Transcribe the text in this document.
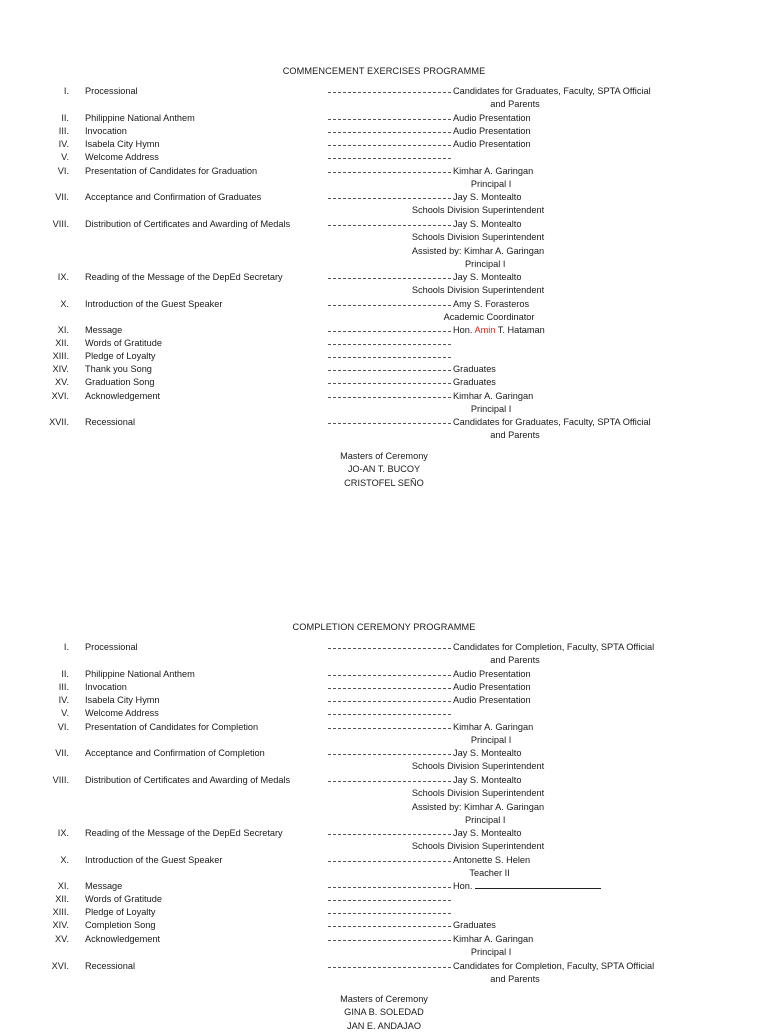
COMMENCEMENT EXERCISES PROGRAMME
I. Processional	Candidates for Graduates, Faculty, SPTA Official
and Parents
II. Philippine National Anthem	Audio Presentation
III. Invocation	Audio Presentation
IV. Isabela City Hymn	Audio Presentation
V. Welcome Address
VI. Presentation of Candidates for Graduation	Kimhar A. Garingan
Principal I
VII. Acceptance and Confirmation of Graduates	Jay S. Montealto
Schools Division Superintendent
VIII. Distribution of Certificates and Awarding of Medals	Jay S. Montealto
Schools Division Superintendent
Assisted by: Kimhar A. Garingan
Principal I
IX. Reading of the Message of the DepEd Secretary	Jay S. Montealto
Schools Division Superintendent
X. Introduction of the Guest Speaker	Amy S. Forasteros
Academic Coordinator
XI. Message	Hon. Amin T. Hataman
XII. Words of Gratitude
XIII. Pledge of Loyalty
XIV. Thank you Song	Graduates
XV. Graduation Song	Graduates
XVI. Acknowledgement	Kimhar A. Garingan
Principal I
XVII. Recessional	Candidates for Graduates, Faculty, SPTA Official
and Parents
Masters of Ceremony
JO-AN T. BUCOY
CRISTOFEL SEÑO
COMPLETION CEREMONY PROGRAMME
I. Processional	Candidates for Completion, Faculty, SPTA Official
and Parents
II. Philippine National Anthem	Audio Presentation
III. Invocation	Audio Presentation
IV. Isabela City Hymn	Audio Presentation
V. Welcome Address
VI. Presentation of Candidates for Completion	Kimhar A. Garingan
Principal I
VII. Acceptance and Confirmation of Completion	Jay S. Montealto
Schools Division Superintendent
VIII. Distribution of Certificates and Awarding of Medals	Jay S. Montealto
Schools Division Superintendent
Assisted by: Kimhar A. Garingan
Principal I
IX. Reading of the Message of the DepEd Secretary	Jay S. Montealto
Schools Division Superintendent
X. Introduction of the Guest Speaker	Antonette S. Helen
Teacher II
XI. Message	Hon.
XII. Words of Gratitude
XIII. Pledge of Loyalty
XIV. Completion Song	Graduates
XV. Acknowledgement	Kimhar A. Garingan
Principal I
XVI. Recessional	Candidates for Completion, Faculty, SPTA Official
and Parents
Masters of Ceremony
GINA B. SOLEDAD
JAN E. ANDAJAO
